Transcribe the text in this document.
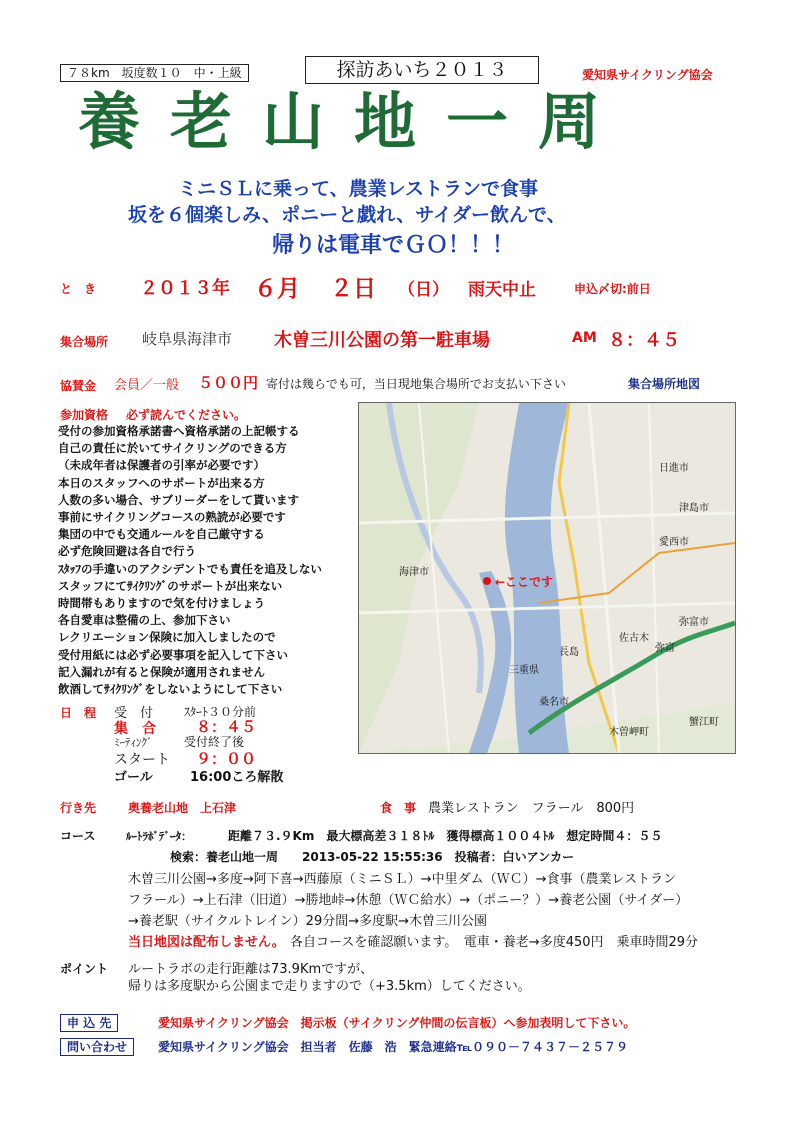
７８km　坂度数１０　中・上級	探訪あいち２０１３	愛知県サイクリング協会
養老山地一周
ミニＳＬに乗って、農業レストランで食事
坂を６個楽しみ、ポニーと戯れ、サイダー飲んで、
帰りは電車でＧＯ！！！
と　き ２０１３年 ６月 ２日 （日） 雨天中止	申込〆切:前日
集合場所 岐阜県海津市 木曽三川公園の第一駐車場	AM ８：４５
協賛金 会員／一般 ５００円 寄付は幾らでも可，当日現地集合場所でお支払い下さい	集合場所地図
参加資格 必ず読んでください。
受付の参加資格承諾書へ資格承諾の上記帳する
自己の責任に於いてサイクリングのできる方
（未成年者は保護者の引率が必要です）
本日のスタッフへのサポートが出来る方
人数の多い場合、サブリーダーをして貰います
事前にサイクリングコースの熟読が必要です
集団の中でも交通ルールを自己厳守する
必ず危険回避は各自で行う
ｽﾀｯﾌの手違いのアクシデントでも責任を追及しない
スタッフにてｻｲｸﾘﾝｸﾞのサポートが出来ない
時間帯もありますので気を付けましょう
各自愛車は整備の上、参加下さい
レクリエーション保険に加入しましたので
受付用紙には必ず必要事項を記入して下さい
記入漏れが有ると保険が適用されません
飲酒してｻｲｸﾘﾝｸﾞをしないようにして下さい
日　程 受　付	ｽﾀｰﾄ３０分前
集　合	８：４５
ﾐｰﾃｨﾝｸﾞ	受付終了後
スタート ９：００
ゴール	16:00ころ解散
←ここです
日進市
三重県
桑名市
弥富市
津島市
愛西市
蟹江町
海津市
木曽岬町
長島	弥富
佐古木
行き先	奥養老山地　上石津	食　事 農業レストラン　フラール　800円
コース	ﾙｰﾄﾗﾎﾞﾃﾞｰﾀ：	距離７３.９Km　最大標高差３１８ﾄﾙ　獲得標高１００４ﾄﾙ　想定時間４：５５
検索：養老山地一周　　2013-05-22 15:55:36　投稿者：白いアンカー
木曽三川公園→多度→阿下喜→西藤原（ミニＳＬ）→中里ダム（ＷＣ）→食事（農業レストラン
フラール）→上石津（旧道）→勝地峠→休憩（ＷＣ給水）→（ポニー？）→養老公園（サイダー）
→養老駅（サイクルトレイン）29分間→多度駅→木曽三川公園
当日地図は配布しません。 各自コースを確認願います。　電車・養老→多度450円　乗車時間29分
ポイント ルートラボの走行距離は73.9Kmですが、
帰りは多度駅から公園まで走りますので（+3.5km）してください。
申 込 先	愛知県サイクリング協会　掲示板（サイクリング仲間の伝言板）へ参加表明して下さい。
問い合わせ	愛知県サイクリング協会　担当者　佐藤　浩　緊急連絡℡０９０－７４３７－２５７９
